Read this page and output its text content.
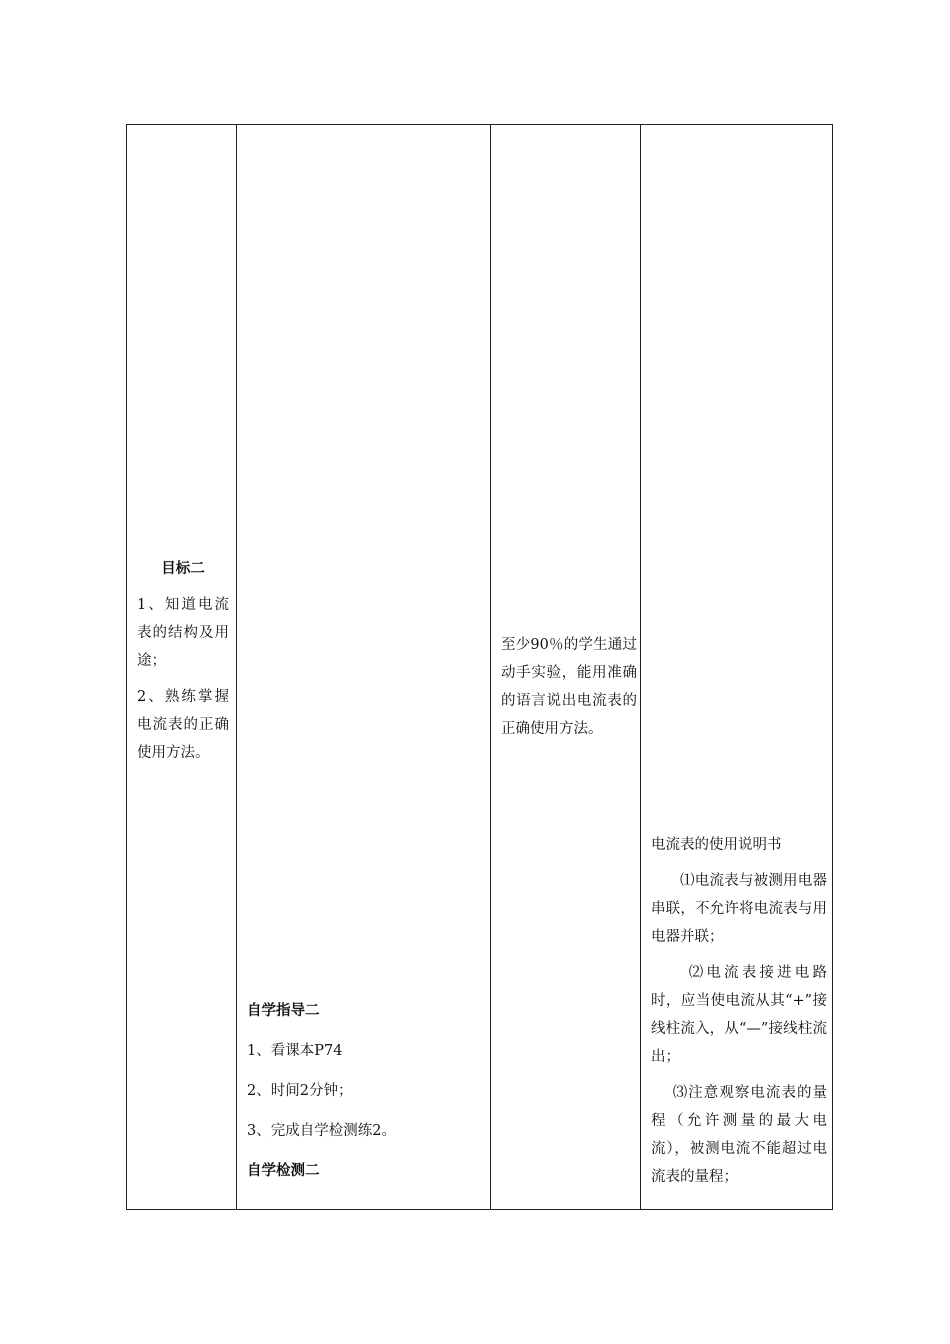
目标二

1、知道电流表的结构及用途；

2、熟练掌握电流表的正确使用方法。

自学指导二

1、看课本P74

2、时间2分钟；

3、完成自学检测练2。

自学检测二

至少90％的学生通过动手实验，能用准确的语言说出电流表的正确使用方法。

电流表的使用说明书

⑴电流表与被测用电器串联，不允许将电流表与用电器并联；

⑵电流表接进电路时，应当使电流从其“+”接线柱流入，从“—”接线柱流出；

⑶注意观察电流表的量程（允许测量的最大电流），被测电流不能超过电流表的量程；
